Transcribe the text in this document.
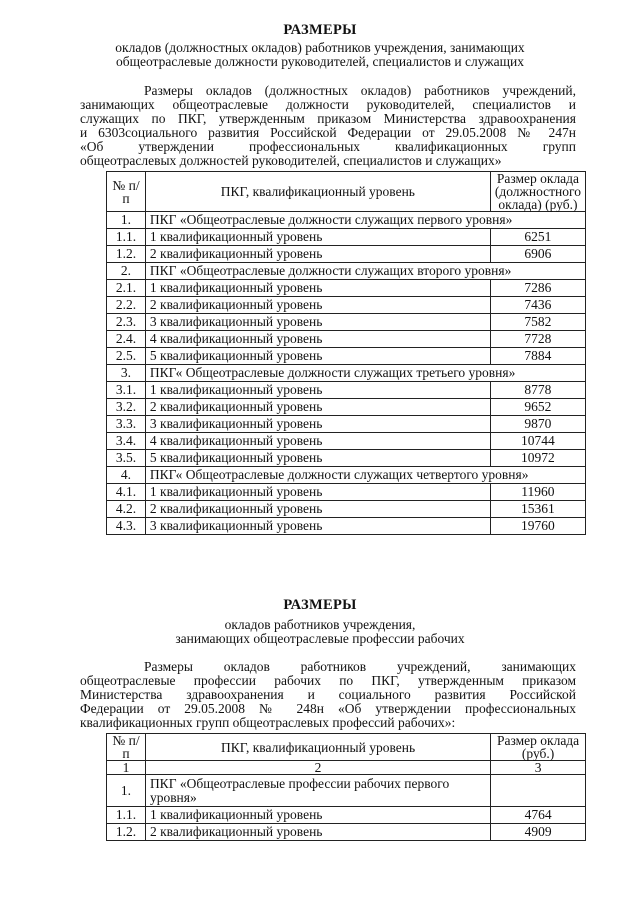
РАЗМЕРЫ
окладов (должностных окладов) работников учреждения, занимающих
общеотраслевые должности руководителей, специалистов и служащих
Размеры окладов (должностных окладов) работников учреждений,
занимающих общеотраслевые должности руководителей, специалистов и
служащих по ПКГ, утвержденным приказом Министерства здравоохранения
и 6303социального развития Российской Федерации от 29.05.2008 № 247н
«Об утверждении профессиональных квалификационных групп
общеотраслевых должностей руководителей, специалистов и служащих»
№ п/п	ПКГ, квалификационный уровень	Размер оклада (должностного оклада) (руб.)
1.	ПКГ «Общеотраслевые должности служащих первого уровня»	
1.1.	1 квалификационный уровень	6251
1.2.	2 квалификационный уровень	6906
2.	ПКГ «Общеотраслевые должности служащих второго уровня»	
2.1.	1 квалификационный уровень	7286
2.2.	2 квалификационный уровень	7436
2.3.	3 квалификационный уровень	7582
2.4.	4 квалификационный уровень	7728
2.5.	5 квалификационный уровень	7884
3.	ПКГ« Общеотраслевые должности служащих третьего уровня»	
3.1.	1 квалификационный уровень	8778
3.2.	2 квалификационный уровень	9652
3.3.	3 квалификационный уровень	9870
3.4.	4 квалификационный уровень	10744
3.5.	5 квалификационный уровень	10972
4.	ПКГ« Общеотраслевые должности служащих четвертого уровня»	
4.1.	1 квалификационный уровень	11960
4.2.	2 квалификационный уровень	15361
4.3.	3 квалификационный уровень	19760
РАЗМЕРЫ
окладов работников учреждения,
занимающих общеотраслевые профессии рабочих
Размеры окладов работников учреждений, занимающих
общеотраслевые профессии рабочих по ПКГ, утвержденным приказом
Министерства здравоохранения и социального развития Российской
Федерации от 29.05.2008 № 248н «Об утверждении профессиональных
квалификационных групп общеотраслевых профессий рабочих»:
№ п/п	ПКГ, квалификационный уровень	Размер оклада (руб.)
1	2	3
1.	ПКГ «Общеотраслевые профессии рабочих первого уровня»	
1.1.	1 квалификационный уровень	4764
1.2.	2 квалификационный уровень	4909
